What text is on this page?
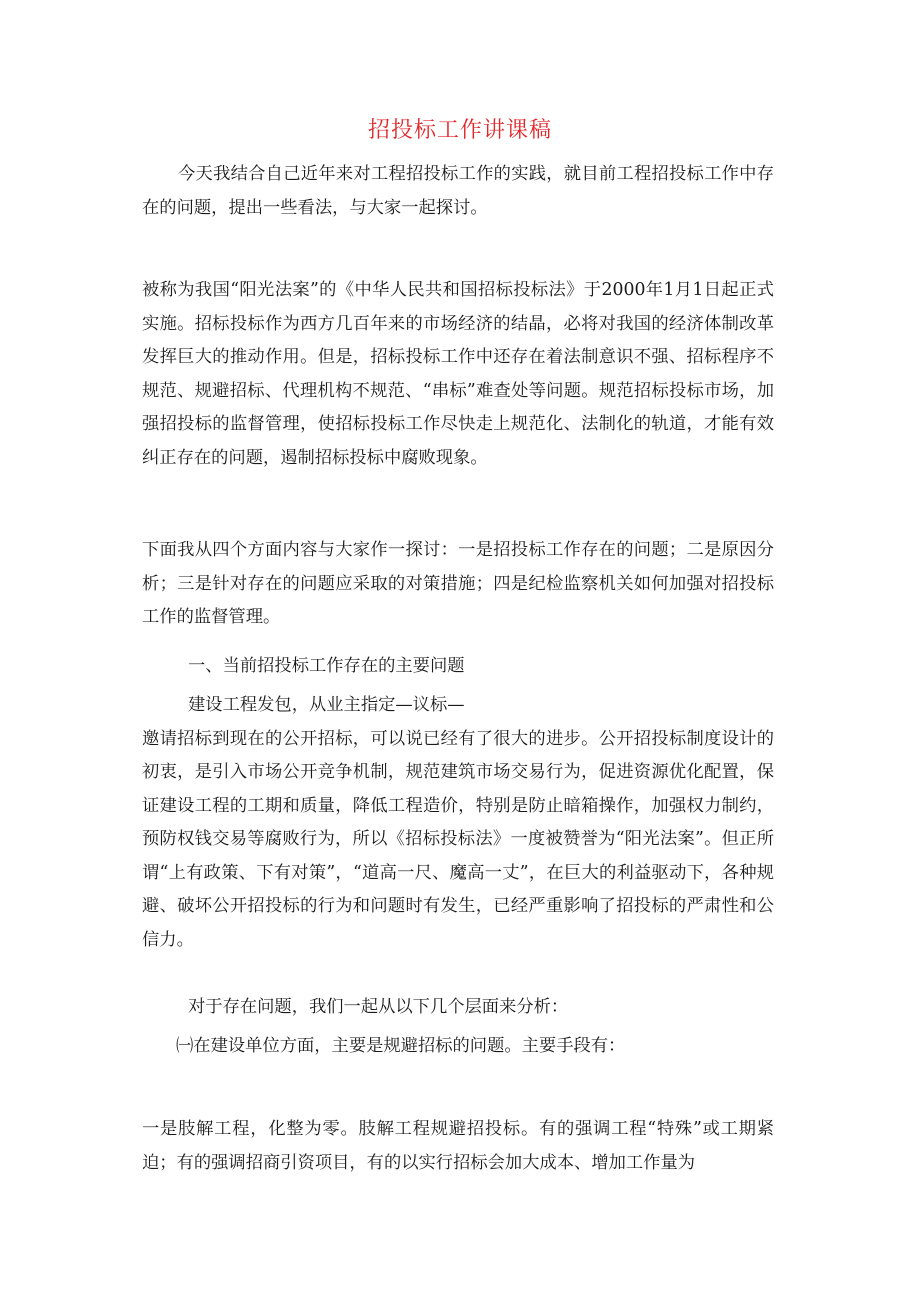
招投标工作讲课稿

今天我结合自己近年来对工程招投标工作的实践，就目前工程招投标工作中存在的问题，提出一些看法，与大家一起探讨。

被称为我国“阳光法案”的《中华人民共和国招标投标法》于2000年1月1日起正式实施。招标投标作为西方几百年来的市场经济的结晶，必将对我国的经济体制改革发挥巨大的推动作用。但是，招标投标工作中还存在着法制意识不强、招标程序不规范、规避招标、代理机构不规范、“串标”难查处等问题。规范招标投标市场，加强招投标的监督管理，使招标投标工作尽快走上规范化、法制化的轨道，才能有效纠正存在的问题，遏制招标投标中腐败现象。

下面我从四个方面内容与大家作一探讨：一是招投标工作存在的问题；二是原因分析；三是针对存在的问题应采取的对策措施；四是纪检监察机关如何加强对招投标工作的监督管理。

一、当前招投标工作存在的主要问题

建设工程发包，从业主指定—议标—
邀请招标到现在的公开招标，可以说已经有了很大的进步。公开招投标制度设计的初衷，是引入市场公开竞争机制，规范建筑市场交易行为，促进资源优化配置，保证建设工程的工期和质量，降低工程造价，特别是防止暗箱操作，加强权力制约，预防权钱交易等腐败行为，所以《招标投标法》一度被赞誉为“阳光法案”。但正所谓“上有政策、下有对策”，“道高一尺、魔高一丈”，在巨大的利益驱动下，各种规避、破坏公开招投标的行为和问题时有发生，已经严重影响了招投标的严肃性和公信力。

对于存在问题，我们一起从以下几个层面来分析：

㈠在建设单位方面，主要是规避招标的问题。主要手段有：

一是肢解工程，化整为零。肢解工程规避招投标。有的强调工程“特殊”或工期紧迫；有的强调招商引资项目，有的以实行招标会加大成本、增加工作量为
